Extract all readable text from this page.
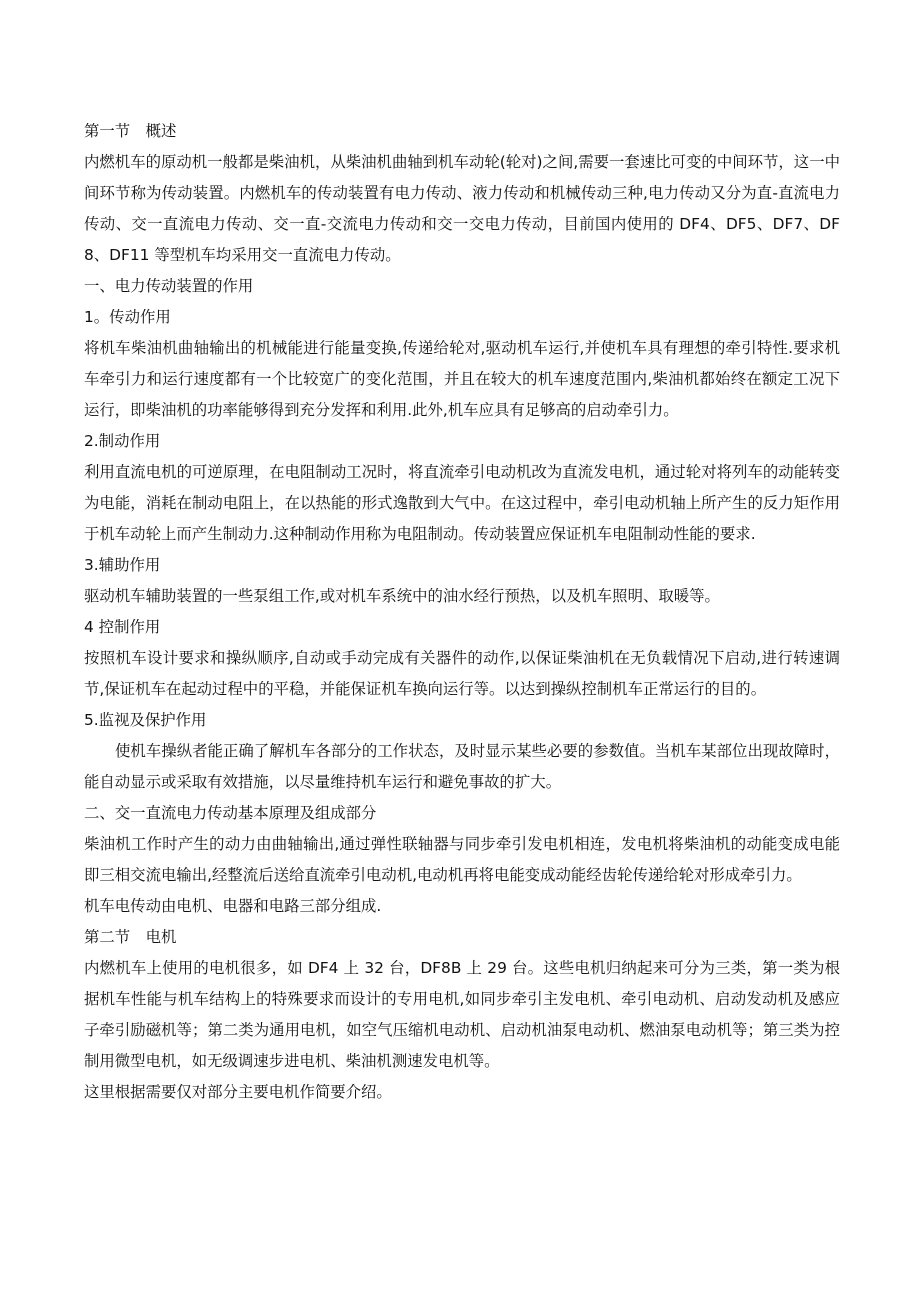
第一节　概述

内燃机车的原动机一般都是柴油机，从柴油机曲轴到机车动轮(轮对)之间,需要一套速比可变的中间环节，这一中间环节称为传动装置。内燃机车的传动装置有电力传动、液力传动和机械传动三种,电力传动又分为直-直流电力传动、交一直流电力传动、交一直-交流电力传动和交一交电力传动，目前国内使用的 DF4、DF5、DF7、DF8、DF11 等型机车均采用交一直流电力传动。

一、电力传动装置的作用

1。传动作用

将机车柴油机曲轴输出的机械能进行能量变换,传递给轮对,驱动机车运行,并使机车具有理想的牵引特性.要求机车牵引力和运行速度都有一个比较宽广的变化范围，并且在较大的机车速度范围内,柴油机都始终在额定工况下运行，即柴油机的功率能够得到充分发挥和利用.此外,机车应具有足够高的启动牵引力。

2.制动作用

利用直流电机的可逆原理，在电阻制动工况时，将直流牵引电动机改为直流发电机，通过轮对将列车的动能转变为电能，消耗在制动电阻上，在以热能的形式逸散到大气中。在这过程中，牵引电动机轴上所产生的反力矩作用于机车动轮上而产生制动力.这种制动作用称为电阻制动。传动装置应保证机车电阻制动性能的要求.

3.辅助作用

驱动机车辅助装置的一些泵组工作,或对机车系统中的油水经行预热，以及机车照明、取暖等。

4 控制作用

按照机车设计要求和操纵顺序,自动或手动完成有关器件的动作,以保证柴油机在无负载情况下启动,进行转速调节,保证机车在起动过程中的平稳，并能保证机车换向运行等。以达到操纵控制机车正常运行的目的。

5.监视及保护作用

使机车操纵者能正确了解机车各部分的工作状态，及时显示某些必要的参数值。当机车某部位出现故障时，能自动显示或采取有效措施，以尽量维持机车运行和避免事故的扩大。

二、交一直流电力传动基本原理及组成部分

柴油机工作时产生的动力由曲轴输出,通过弹性联轴器与同步牵引发电机相连，发电机将柴油机的动能变成电能即三相交流电输出,经整流后送给直流牵引电动机,电动机再将电能变成动能经齿轮传递给轮对形成牵引力。

机车电传动由电机、电器和电路三部分组成.

第二节　电机

内燃机车上使用的电机很多，如 DF4 上 32 台，DF8B 上 29 台。这些电机归纳起来可分为三类，第一类为根据机车性能与机车结构上的特殊要求而设计的专用电机,如同步牵引主发电机、牵引电动机、启动发动机及感应子牵引励磁机等；第二类为通用电机，如空气压缩机电动机、启动机油泵电动机、燃油泵电动机等；第三类为控制用微型电机，如无级调速步进电机、柴油机测速发电机等。

这里根据需要仅对部分主要电机作简要介绍。
